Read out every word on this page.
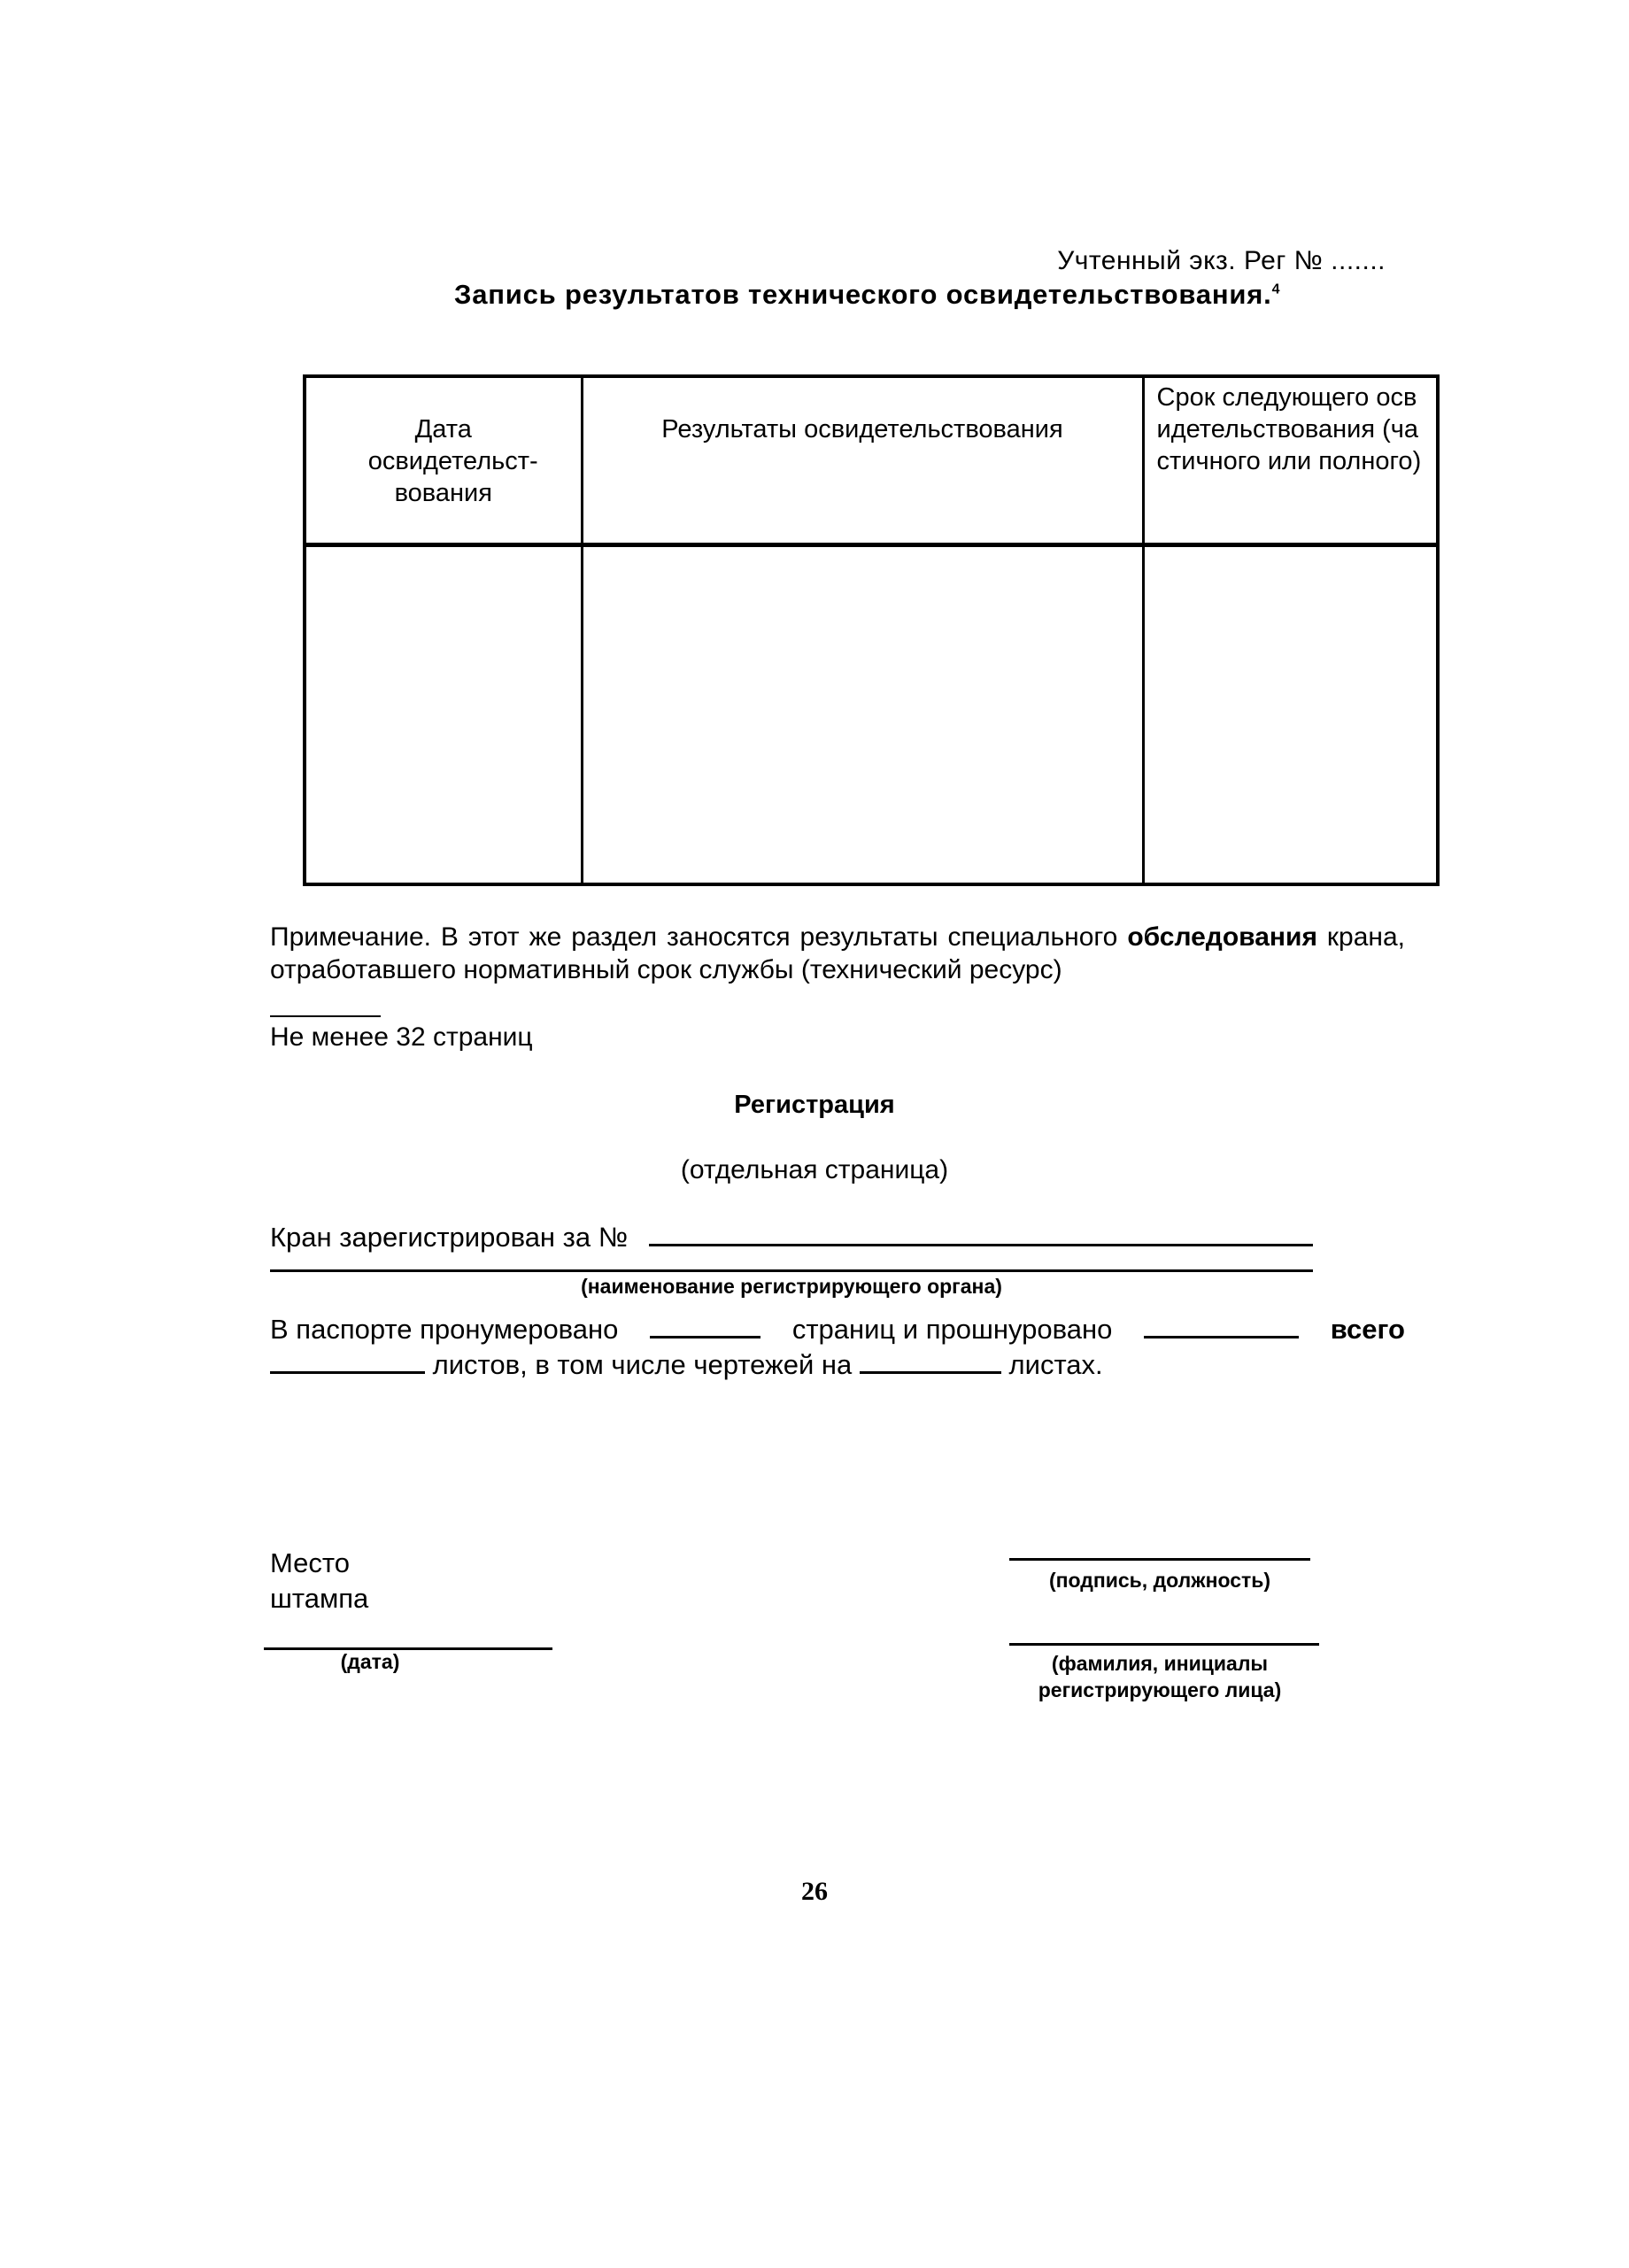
Учтенный экз. Рег № .......
Запись результатов технического освидетельствования.$^4$
Дата освидетельст-вования	Результаты освидетельствования	Срок следующего освидетельствования (частичного или полного)

Примечание. В этот же раздел заносятся результаты специального обследования крана, отработавшего нормативный срок службы (технический ресурс)
Не менее 32 страниц
Регистрация
(отдельная страница)
Кран зарегистрирован за №
(наименование регистрирующего органа)
В паспорте пронумеровано	страниц и прошнуровано	всего
листов, в том числе чертежей на	листах.
Место
штампа
(подпись, должность)
(дата)	(фамилия, инициалы
регистрирующего лица)
26
